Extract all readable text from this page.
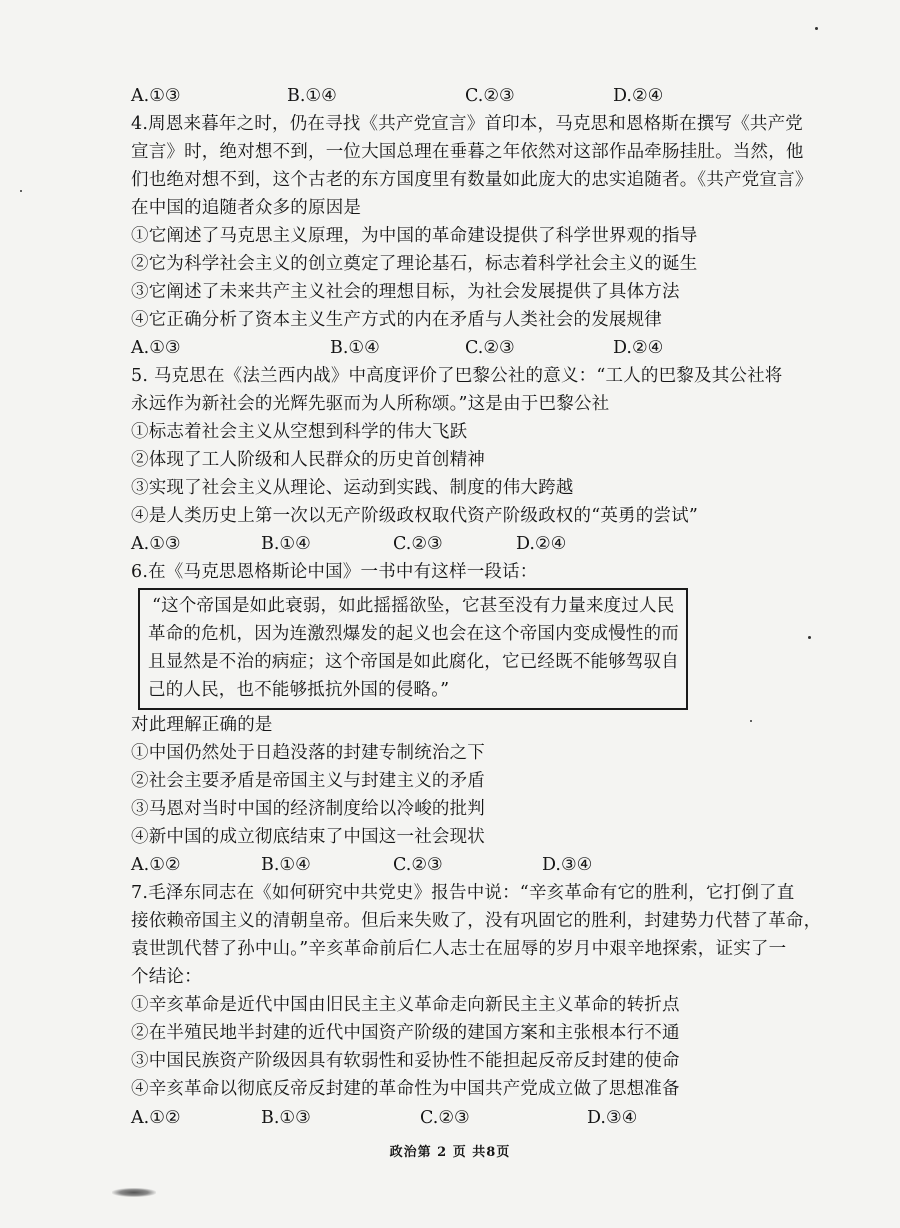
A.①③	B.①④	C.②③	D.②④
4.周恩来暮年之时，仍在寻找《共产党宣言》首印本，马克思和恩格斯在撰写《共产党
宣言》时，绝对想不到，一位大国总理在垂暮之年依然对这部作品牵肠挂肚。当然，他
们也绝对想不到，这个古老的东方国度里有数量如此庞大的忠实追随者。《共产党宣言》
在中国的追随者众多的原因是
①它阐述了马克思主义原理，为中国的革命建设提供了科学世界观的指导
②它为科学社会主义的创立奠定了理论基石，标志着科学社会主义的诞生
③它阐述了未来共产主义社会的理想目标，为社会发展提供了具体方法
④它正确分析了资本主义生产方式的内在矛盾与人类社会的发展规律
A.①③	B.①④	C.②③	D.②④
5. 马克思在《法兰西内战》中高度评价了巴黎公社的意义：“工人的巴黎及其公社将
永远作为新社会的光辉先驱而为人所称颂。”这是由于巴黎公社
①标志着社会主义从空想到科学的伟大飞跃
②体现了工人阶级和人民群众的历史首创精神
③实现了社会主义从理论、运动到实践、制度的伟大跨越
④是人类历史上第一次以无产阶级政权取代资产阶级政权的“英勇的尝试”
A.①③	B.①④	C.②③	D.②④
6.在《马克思恩格斯论中国》一书中有这样一段话：
“这个帝国是如此衰弱，如此摇摇欲坠，它甚至没有力量来度过人民
革命的危机，因为连激烈爆发的起义也会在这个帝国内变成慢性的而
且显然是不治的病症；这个帝国是如此腐化，它已经既不能够驾驭自
己的人民，也不能够抵抗外国的侵略。”
对此理解正确的是
①中国仍然处于日趋没落的封建专制统治之下
②社会主要矛盾是帝国主义与封建主义的矛盾
③马恩对当时中国的经济制度给以冷峻的批判
④新中国的成立彻底结束了中国这一社会现状
A.①②	B.①④	C.②③	D.③④
7.毛泽东同志在《如何研究中共党史》报告中说：“辛亥革命有它的胜利，它打倒了直
接依赖帝国主义的清朝皇帝。但后来失败了，没有巩固它的胜利，封建势力代替了革命，
袁世凯代替了孙中山。”辛亥革命前后仁人志士在屈辱的岁月中艰辛地探索，证实了一
个结论：
①辛亥革命是近代中国由旧民主主义革命走向新民主主义革命的转折点
②在半殖民地半封建的近代中国资产阶级的建国方案和主张根本行不通
③中国民族资产阶级因具有软弱性和妥协性不能担起反帝反封建的使命
④辛亥革命以彻底反帝反封建的革命性为中国共产党成立做了思想准备
A.①②	B.①③	C.②③	D.③④
政治第 2 页 共8页
